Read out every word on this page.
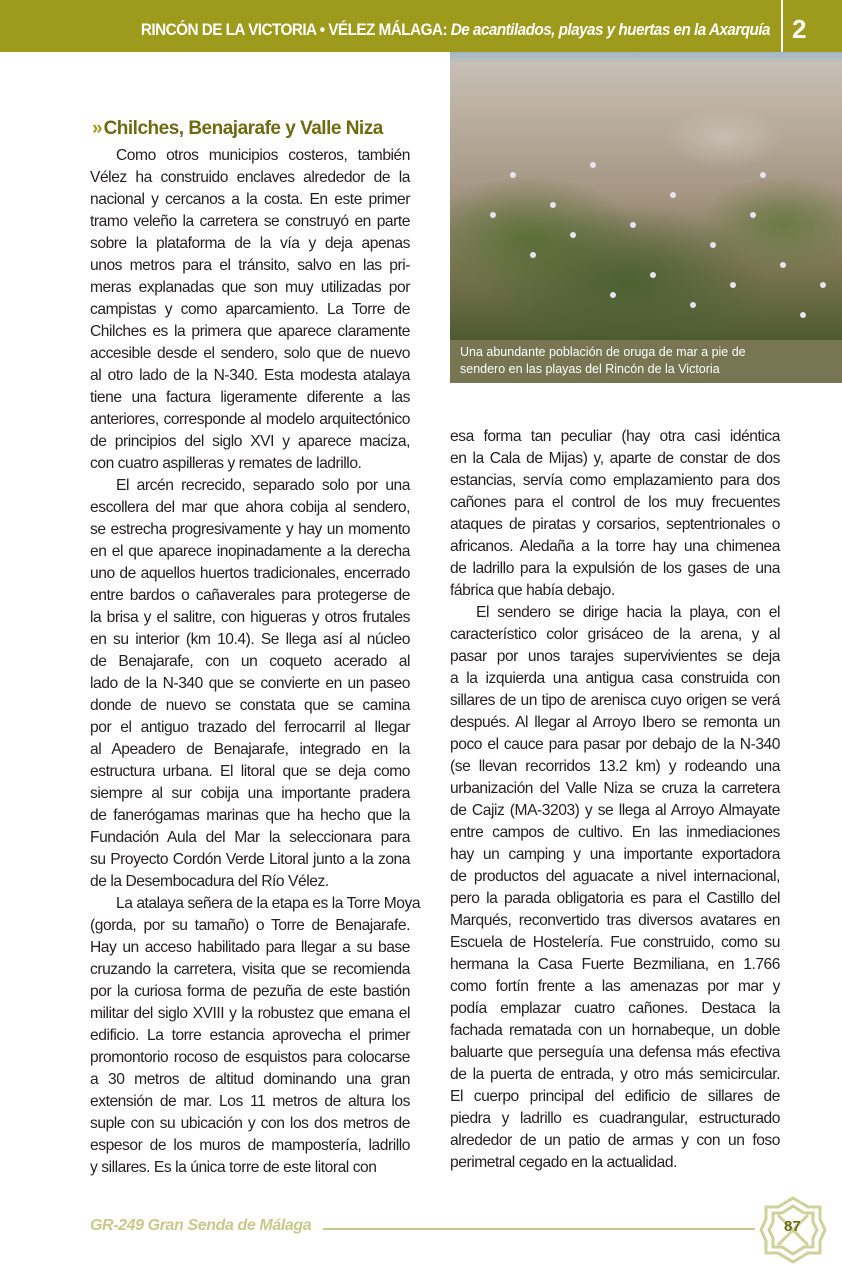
RINCÓN DE LA VICTORIA • VÉLEZ MÁLAGA: De acantilados, playas y huertas en la Axarquía 2
Una abundante población de oruga de mar a pie de
sendero en las playas del Rincón de la Victoria
» Chilches, Benajarafe y Valle Niza
Como otros municipios costeros, también
Vélez ha construido enclaves alrededor de la
nacional y cercanos a la costa. En este primer
tramo veleño la carretera se construyó en parte
sobre la plataforma de la vía y deja apenas
unos metros para el tránsito, salvo en las pri-
meras explanadas que son muy utilizadas por
campistas y como aparcamiento. La Torre de
Chilches es la primera que aparece claramente
accesible desde el sendero, solo que de nuevo
al otro lado de la N-340. Esta modesta atalaya
tiene una factura ligeramente diferente a las
anteriores, corresponde al modelo arquitectónico
de principios del siglo XVI y aparece maciza,
con cuatro aspilleras y remates de ladrillo.
El arcén recrecido, separado solo por una
escollera del mar que ahora cobija al sendero,
se estrecha progresivamente y hay un momento
en el que aparece inopinadamente a la derecha
uno de aquellos huertos tradicionales, encerrado
entre bardos o cañaverales para protegerse de
la brisa y el salitre, con higueras y otros frutales
en su interior (km 10.4). Se llega así al núcleo
de Benajarafe, con un coqueto acerado al
lado de la N-340 que se convierte en un paseo
donde de nuevo se constata que se camina
por el antiguo trazado del ferrocarril al llegar
al Apeadero de Benajarafe, integrado en la
estructura urbana. El litoral que se deja como
siempre al sur cobija una importante pradera
de fanerógamas marinas que ha hecho que la
Fundación Aula del Mar la seleccionara para
su Proyecto Cordón Verde Litoral junto a la zona
de la Desembocadura del Río Vélez.
La atalaya señera de la etapa es la Torre Moya
(gorda, por su tamaño) o Torre de Benajarafe.
Hay un acceso habilitado para llegar a su base
cruzando la carretera, visita que se recomienda
por la curiosa forma de pezuña de este bastión
militar del siglo XVIII y la robustez que emana el
edificio. La torre estancia aprovecha el primer
promontorio rocoso de esquistos para colocarse
a 30 metros de altitud dominando una gran
extensión de mar. Los 11 metros de altura los
suple con su ubicación y con los dos metros de
espesor de los muros de mampostería, ladrillo
y sillares. Es la única torre de este litoral con
esa forma tan peculiar (hay otra casi idéntica
en la Cala de Mijas) y, aparte de constar de dos
estancias, servía como emplazamiento para dos
cañones para el control de los muy frecuentes
ataques de piratas y corsarios, septentrionales o
africanos. Aledaña a la torre hay una chimenea
de ladrillo para la expulsión de los gases de una
fábrica que había debajo.
El sendero se dirige hacia la playa, con el
característico color grisáceo de la arena, y al
pasar por unos tarajes supervivientes se deja
a la izquierda una antigua casa construida con
sillares de un tipo de arenisca cuyo origen se verá
después. Al llegar al Arroyo Ibero se remonta un
poco el cauce para pasar por debajo de la N-340
(se llevan recorridos 13.2 km) y rodeando una
urbanización del Valle Niza se cruza la carretera
de Cajiz (MA-3203) y se llega al Arroyo Almayate
entre campos de cultivo. En las inmediaciones
hay un camping y una importante exportadora
de productos del aguacate a nivel internacional,
pero la parada obligatoria es para el Castillo del
Marqués, reconvertido tras diversos avatares en
Escuela de Hostelería. Fue construido, como su
hermana la Casa Fuerte Bezmiliana, en 1.766
como fortín frente a las amenazas por mar y
podía emplazar cuatro cañones. Destaca la
fachada rematada con un hornabeque, un doble
baluarte que perseguía una defensa más efectiva
de la puerta de entrada, y otro más semicircular.
El cuerpo principal del edificio de sillares de
piedra y ladrillo es cuadrangular, estructurado
alrededor de un patio de armas y con un foso
perimetral cegado en la actualidad.
GR-249 Gran Senda de Málaga	87
